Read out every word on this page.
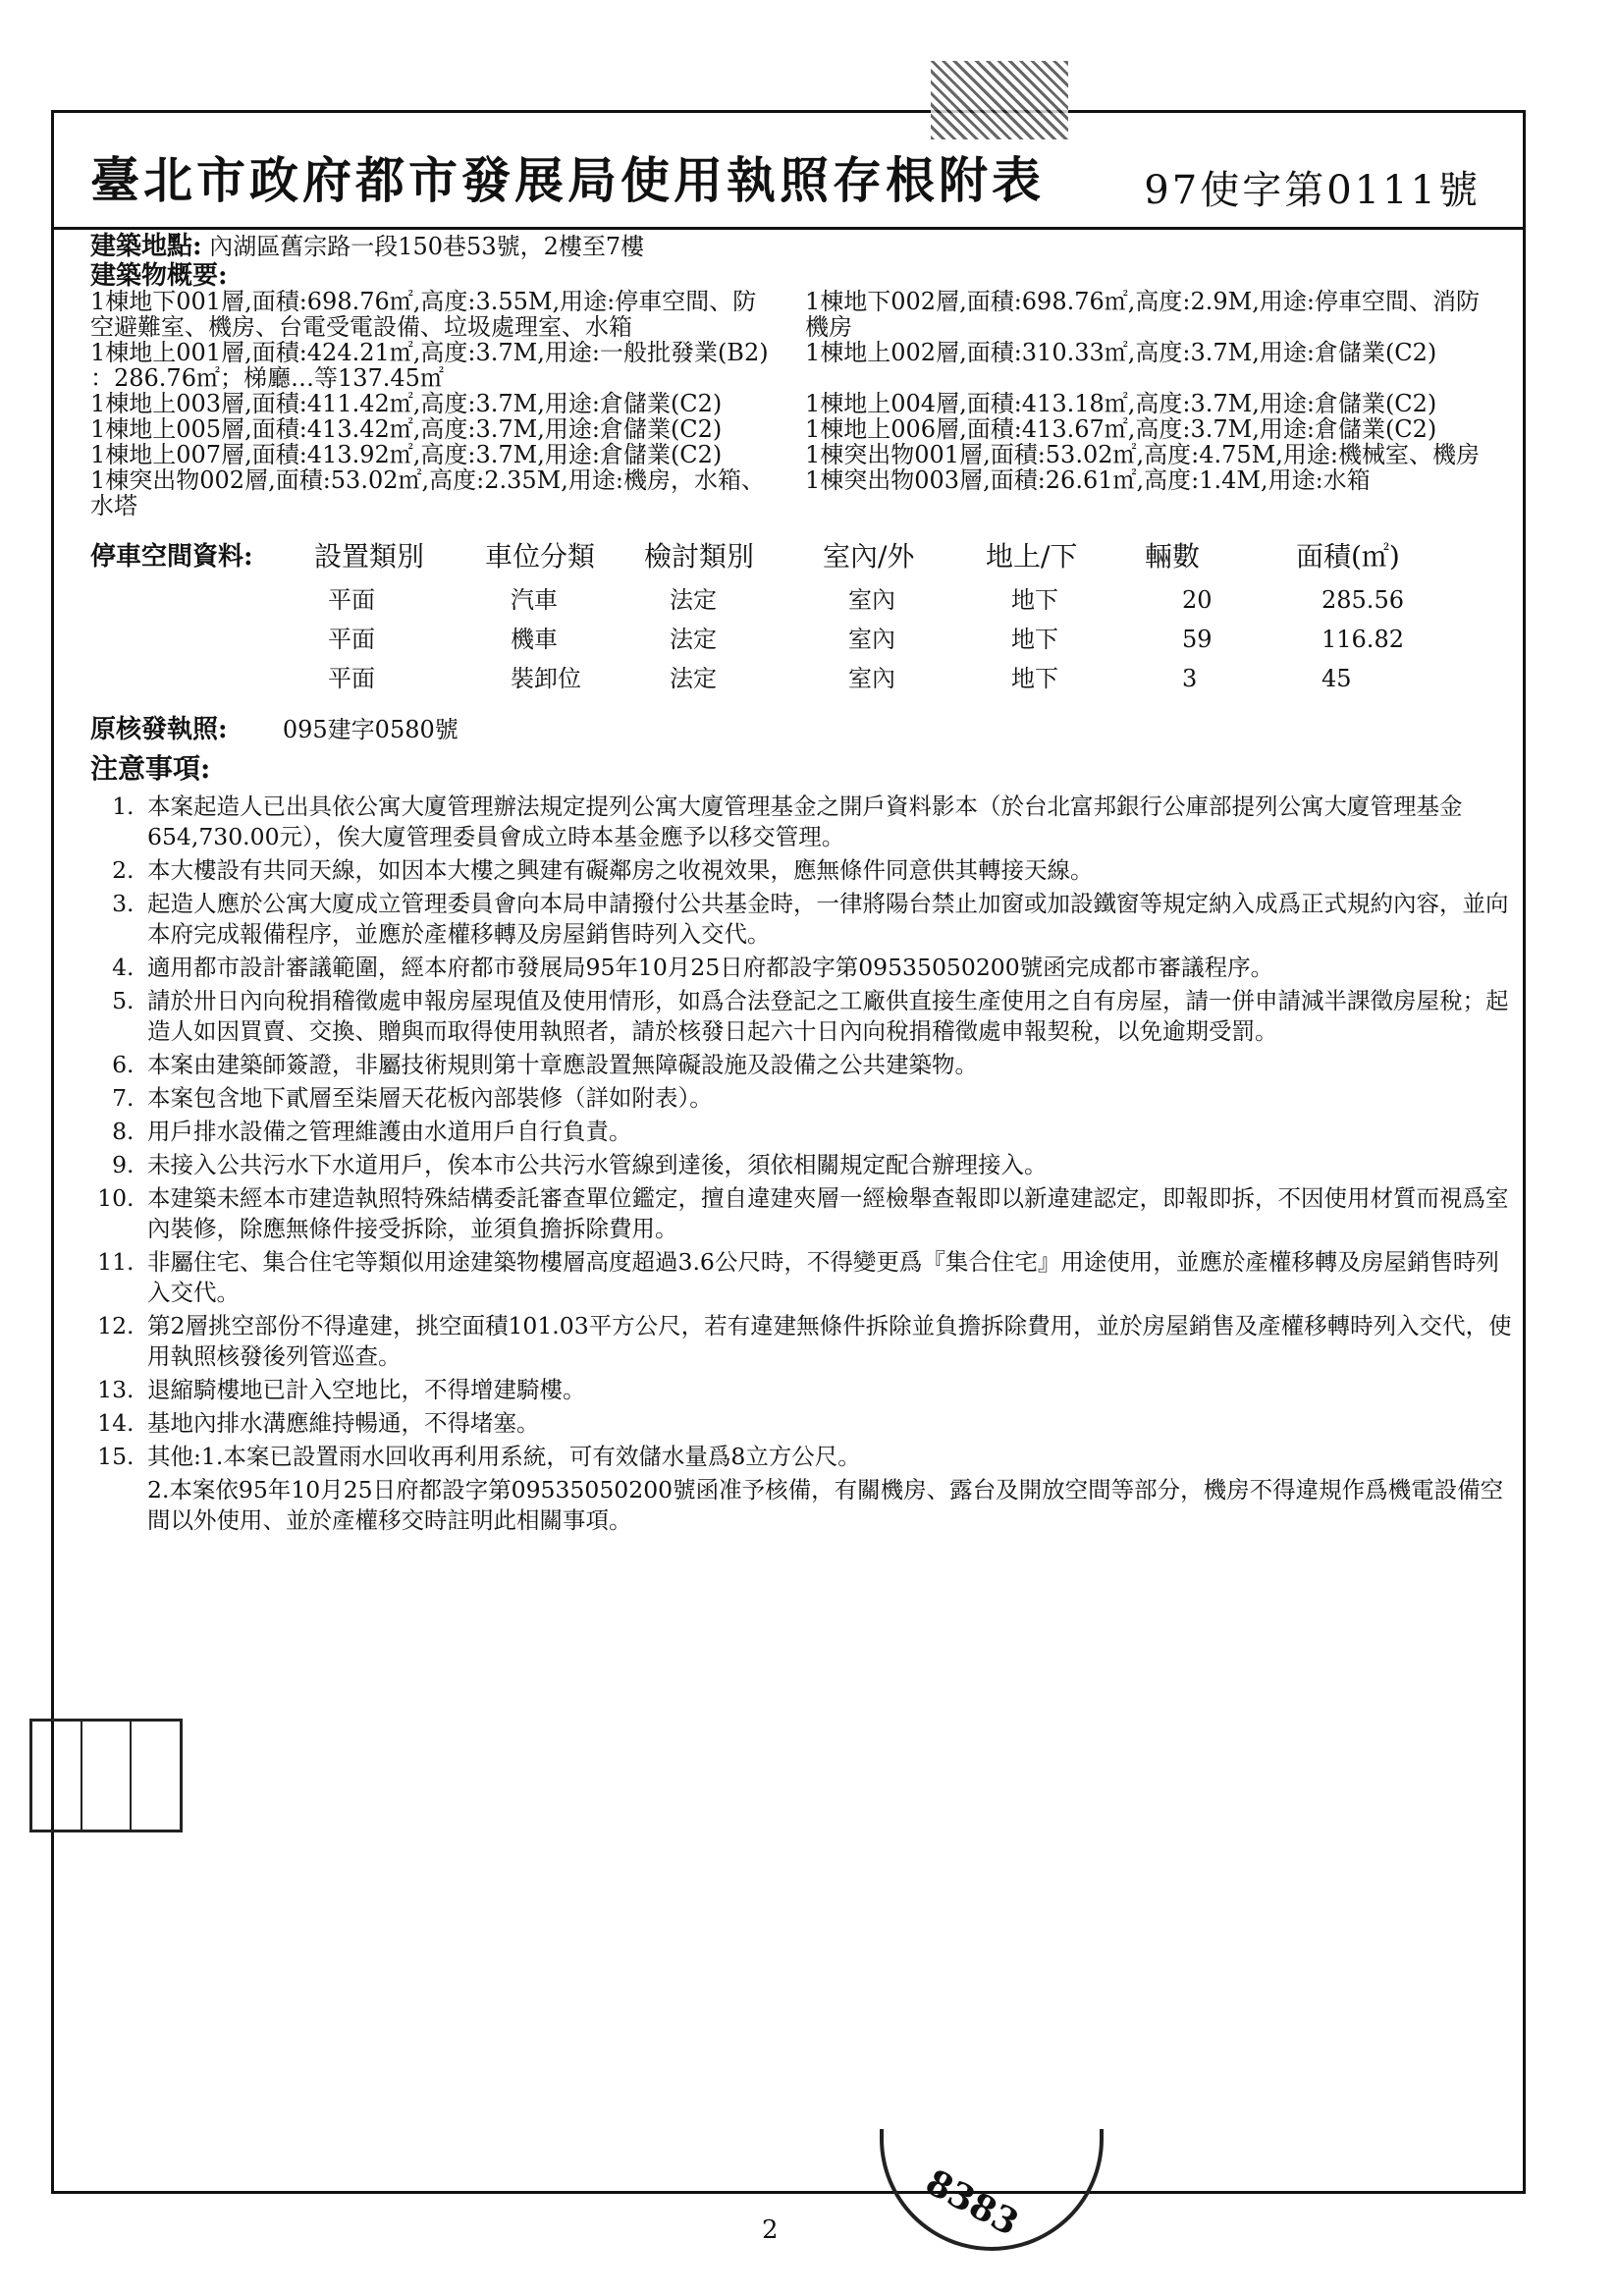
臺北市政府都市發展局使用執照存根附表	97使字第0111號
建築地點: 內湖區舊宗路一段150巷53號，2樓至7樓
建築物概要:
1棟地下001層,面積:698.76㎡,高度:3.55M,用途:停車空間、防 1棟地下002層,面積:698.76㎡,高度:2.9M,用途:停車空間、消防
空避難室、機房、台電受電設備、垃圾處理室、水箱	機房
1棟地上001層,面積:424.21㎡,高度:3.7M,用途:一般批發業(B2) 1棟地上002層,面積:310.33㎡,高度:3.7M,用途:倉儲業(C2)
：286.76㎡；梯廳…等137.45㎡
1棟地上003層,面積:411.42㎡,高度:3.7M,用途:倉儲業(C2)	1棟地上004層,面積:413.18㎡,高度:3.7M,用途:倉儲業(C2)
1棟地上005層,面積:413.42㎡,高度:3.7M,用途:倉儲業(C2)	1棟地上006層,面積:413.67㎡,高度:3.7M,用途:倉儲業(C2)
1棟地上007層,面積:413.92㎡,高度:3.7M,用途:倉儲業(C2)	1棟突出物001層,面積:53.02㎡,高度:4.75M,用途:機械室、機房
1棟突出物002層,面積:53.02㎡,高度:2.35M,用途:機房，水箱、 1棟突出物003層,面積:26.61㎡,高度:1.4M,用途:水箱
水塔
停車空間資料: 設置類別 車位分類 檢討類別 室內/外	地上/下 輛數	面積(㎡)
平面	汽車	法定	室內	地下	20	285.56
平面	機車	法定	室內	地下	59	116.82
平面	裝卸位	法定	室內	地下	3	45
原核發執照: 095建字0580號
注意事項:
1. 本案起造人已出具依公寓大廈管理辦法規定提列公寓大廈管理基金之開戶資料影本（於台北富邦銀行公庫部提列公寓大廈管理基金654,730.00元），俟大廈管理委員會成立時本基金應予以移交管理。
2. 本大樓設有共同天線，如因本大樓之興建有礙鄰房之收視效果，應無條件同意供其轉接天線。
3. 起造人應於公寓大廈成立管理委員會向本局申請撥付公共基金時，一律將陽台禁止加窗或加設鐵窗等規定納入成爲正式規約內容，並向本府完成報備程序，並應於產權移轉及房屋銷售時列入交代。
4. 適用都市設計審議範圍，經本府都市發展局95年10月25日府都設字第09535050200號函完成都市審議程序。
5. 請於卅日內向稅捐稽徵處申報房屋現值及使用情形，如爲合法登記之工廠供直接生產使用之自有房屋，請一併申請減半課徵房屋稅；起造人如因買賣、交換、贈與而取得使用執照者，請於核發日起六十日內向稅捐稽徵處申報契稅，以免逾期受罰。
6. 本案由建築師簽證，非屬技術規則第十章應設置無障礙設施及設備之公共建築物。
7. 本案包含地下貳層至柒層天花板內部裝修（詳如附表）。
8. 用戶排水設備之管理維護由水道用戶自行負責。
9. 未接入公共污水下水道用戶，俟本市公共污水管線到達後，須依相關規定配合辦理接入。
10. 本建築未經本市建造執照特殊結構委託審查單位鑑定，擅自違建夾層一經檢舉查報即以新違建認定，即報即拆，不因使用材質而視爲室內裝修，除應無條件接受拆除，並須負擔拆除費用。
11. 非屬住宅、集合住宅等類似用途建築物樓層高度超過3.6公尺時，不得變更爲『集合住宅』用途使用，並應於產權移轉及房屋銷售時列入交代。
12. 第2層挑空部份不得違建，挑空面積101.03平方公尺，若有違建無條件拆除並負擔拆除費用，並於房屋銷售及產權移轉時列入交代，使用執照核發後列管巡查。
13. 退縮騎樓地已計入空地比，不得增建騎樓。
14. 基地內排水溝應維持暢通，不得堵塞。
15. 其他:1.本案已設置雨水回收再利用系統，可有效儲水量爲8立方公尺。
2.本案依95年10月25日府都設字第09535050200號函准予核備，有關機房、露台及開放空間等部分，機房不得違規作爲機電設備空間以外使用、並於產權移交時註明此相關事項。
8383
2
